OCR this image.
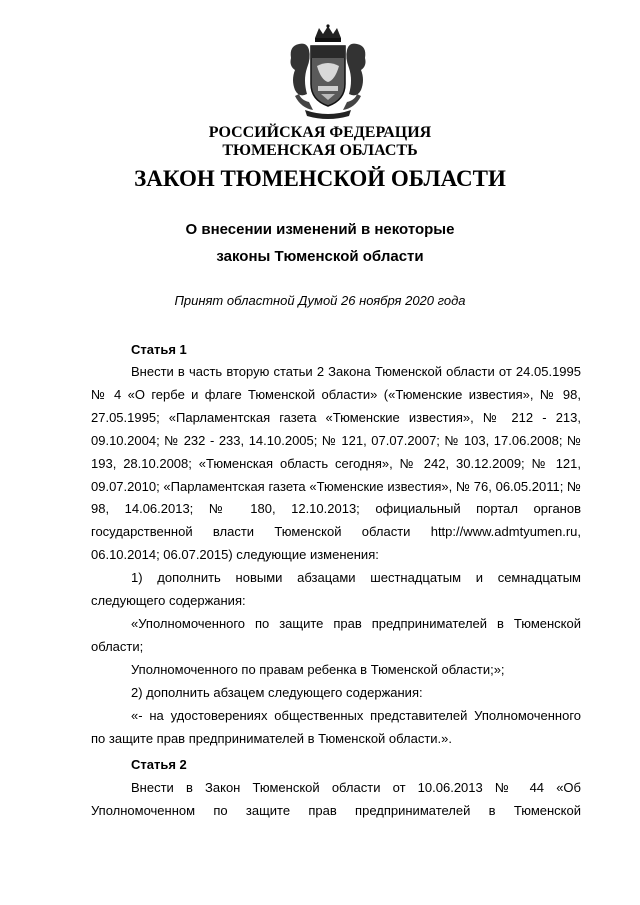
РОССИЙСКАЯ ФЕДЕРАЦИЯ
ТЮМЕНСКАЯ ОБЛАСТЬ
ЗАКОН ТЮМЕНСКОЙ ОБЛАСТИ
О внесении изменений в некоторые
законы Тюменской области
Принят областной Думой 26 ноября 2020 года
Статья 1

Внести в часть вторую статьи 2 Закона Тюменской области от 24.05.1995 № 4 «О гербе и флаге Тюменской области» («Тюменские известия», № 98, 27.05.1995; «Парламентская газета «Тюменские известия», № 212 - 213, 09.10.2004; № 232 - 233, 14.10.2005; № 121, 07.07.2007; № 103, 17.06.2008; № 193, 28.10.2008; «Тюменская область сегодня», № 242, 30.12.2009; № 121, 09.07.2010; «Парламентская газета «Тюменские известия», № 76, 06.05.2011; № 98, 14.06.2013; № 180, 12.10.2013; официальный портал органов государственной власти Тюменской области http://www.admtyumen.ru, 06.10.2014; 06.07.2015) следующие изменения:

1) дополнить новыми абзацами шестнадцатым и семнадцатым следующего содержания:

«Уполномоченного по защите прав предпринимателей в Тюменской области;

Уполномоченного по правам ребенка в Тюменской области;»;

2) дополнить абзацем следующего содержания:

«- на удостоверениях общественных представителей Уполномоченного по защите прав предпринимателей в Тюменской области.».

Статья 2

Внести в Закон Тюменской области от 10.06.2013 № 44 «Об Уполномоченном по защите прав предпринимателей в Тюменской
